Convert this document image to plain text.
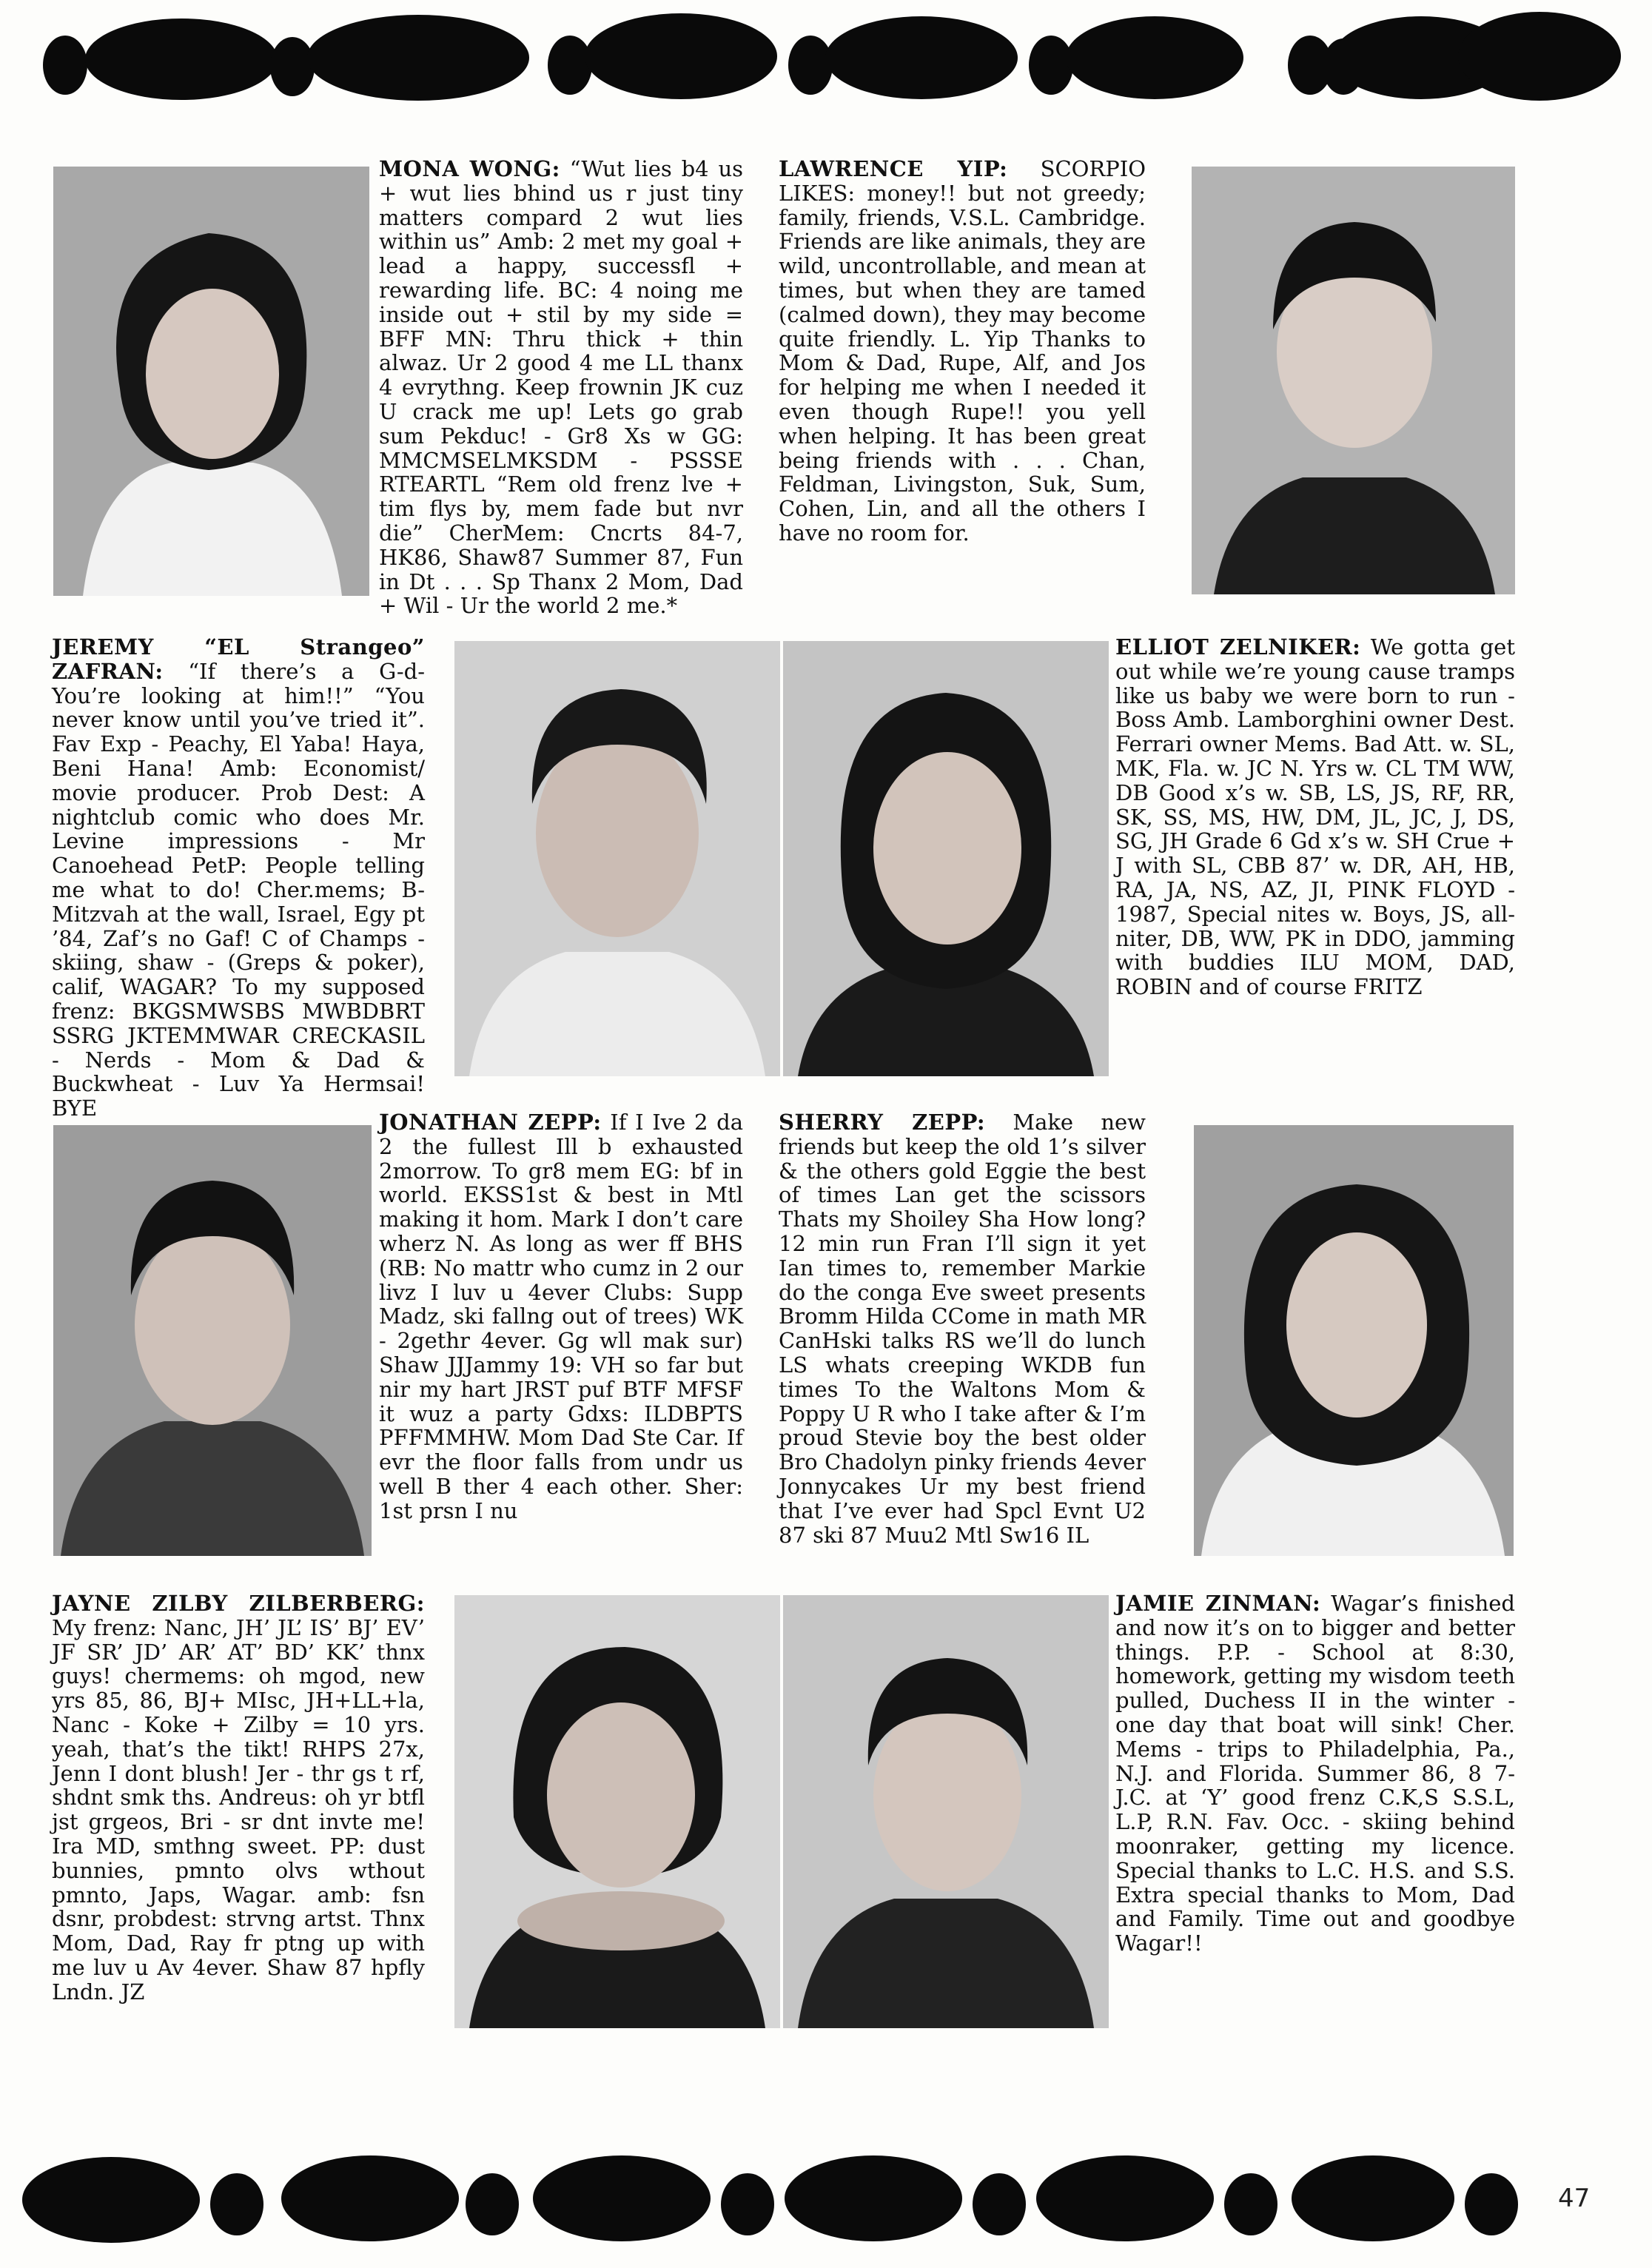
MONA WONG: “Wut lies b4 us + wut lies bhind us r just tiny matters compard 2 wut lies within us” Amb: 2 met my goal + lead a happy, successfl + rewarding life. BC: 4 noing me inside out + stil by my side = BFF MN: Thru thick + thin alwaz. Ur 2 good 4 me LL thanx 4 evrythng. Keep frownin JK cuz U crack me up! Lets go grab sum Pekduc! - Gr8 Xs w GG: MMCMSELMKSDM - PSSSE RTEARTL “Rem old frenz lve + tim flys by, mem fade but nvr die” CherMem: Cncrts 84-7, HK86, Shaw87 Summer 87, Fun in Dt . . . Sp Thanx 2 Mom, Dad + Wil - Ur the world 2 me.*
LAWRENCE YIP: SCORPIO LIKES: money!! but not greedy; family, friends, V.S.L. Cambridge. Friends are like animals, they are wild, uncontrollable, and mean at times, but when they are tamed (calmed down), they may become quite friendly. L. Yip Thanks to Mom & Dad, Rupe, Alf, and Jos for helping me when I needed it even though Rupe!! you yell when helping. It has been great being friends with . . . Chan, Feldman, Livingston, Suk, Sum, Cohen, Lin, and all the others I have no room for.
JEREMY “EL Strangeo” ZAFRAN: “If there’s a G-d- You’re looking at him!!” “You never know until you’ve tried it”. Fav Exp - Peachy, El Yaba! Haya, Beni Hana! Amb: Economist/ movie producer. Prob Dest: A nightclub comic who does Mr. Levine impressions - Mr Canoehead PetP: People telling me what to do! Cher.mems; B-Mitzvah at the wall, Israel, Egy pt ’84, Zaf’s no Gaf! C of Champs - skiing, shaw - (Greps & poker), calif, WAGAR? To my supposed frenz: BKGSMWSBS MWBDBRT SSRG JKTEMMWAR CRECKASIL - Nerds - Mom & Dad & Buckwheat - Luv Ya Hermsai! BYE
ELLIOT ZELNIKER: We gotta get out while we’re young cause tramps like us baby we were born to run - Boss Amb. Lamborghini owner Dest. Ferrari owner Mems. Bad Att. w. SL, MK, Fla. w. JC N. Yrs w. CL TM WW, DB Good x’s w. SB, LS, JS, RF, RR, SK, SS, MS, HW, DM, JL, JC, J, DS, SG, JH Grade 6 Gd x’s w. SH Crue + J with SL, CBB 87’ w. DR, AH, HB, RA, JA, NS, AZ, JI, PINK FLOYD - 1987, Special nites w. Boys, JS, all-niter, DB, WW, PK in DDO, jamming with buddies ILU MOM, DAD, ROBIN and of course FRITZ
JONATHAN ZEPP: If I Ive 2 da 2 the fullest Ill b exhausted 2morrow. To gr8 mem EG: bf in world. EKSS1st & best in Mtl making it hom. Mark I don’t care wherz N. As long as wer ff BHS (RB: No mattr who cumz in 2 our livz I luv u 4ever Clubs: Supp Madz, ski fallng out of trees) WK - 2gethr 4ever. Gg wll mak sur) Shaw JJJammy 19: VH so far but nir my hart JRST puf BTF MFSF it wuz a party Gdxs: ILDBPTS PFFMMHW. Mom Dad Ste Car. If evr the floor falls from undr us well B ther 4 each other. Sher: 1st prsn I nu
SHERRY ZEPP: Make new friends but keep the old 1’s silver & the others gold Eggie the best of times Lan get the scissors Thats my Shoiley Sha How long? 12 min run Fran I’ll sign it yet Ian times to, remember Markie do the conga Eve sweet presents Bromm Hilda CCome in math MR CanHski talks RS we’ll do lunch LS whats creeping WKDB fun times To the Waltons Mom & Poppy U R who I take after & I’m proud Stevie boy the best older Bro Chadolyn pinky friends 4ever Jonnycakes Ur my best friend that I’ve ever had Spcl Evnt U2 87 ski 87 Muu2 Mtl Sw16 IL
JAYNE ZILBY ZILBERBERG: My frenz: Nanc, JH’ JL’ IS’ BJ’ EV’ JF SR’ JD’ AR’ AT’ BD’ KK’ thnx guys! chermems: oh mgod, new yrs 85, 86, BJ+ MIsc, JH+LL+la, Nanc - Koke + Zilby = 10 yrs. yeah, that’s the tikt! RHPS 27x, Jenn I dont blush! Jer - thr gs t rf, shdnt smk ths. Andreus: oh yr btfl jst grgeos, Bri - sr dnt invte me! Ira MD, smthng sweet. PP: dust bunnies, pmnto olvs wthout pmnto, Japs, Wagar. amb: fsn dsnr, probdest: strvng artst. Thnx Mom, Dad, Ray fr ptng up with me luv u Av 4ever. Shaw 87 hpfly Lndn. JZ
JAMIE ZINMAN: Wagar’s finished and now it’s on to bigger and better things. P.P. - School at 8:30, homework, getting my wisdom teeth pulled, Duchess II in the winter - one day that boat will sink! Cher. Mems - trips to Philadelphia, Pa., N.J. and Florida. Summer 86, 8 7-J.C. at ‘Y’ good frenz C.K,S S.S.L, L.P, R.N. Fav. Occ. - skiing behind moonraker, getting my licence. Special thanks to L.C. H.S. and S.S. Extra special thanks to Mom, Dad and Family. Time out and goodbye Wagar!!
47
